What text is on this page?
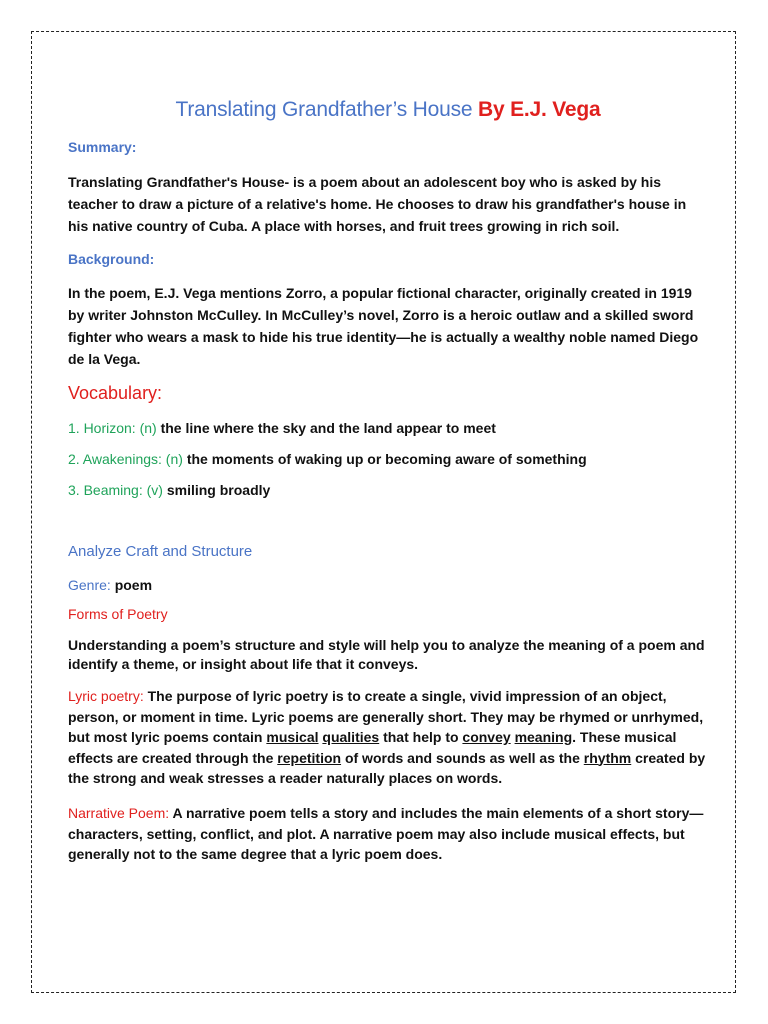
Translating Grandfather’s House By E.J. Vega
Summary:

Translating Grandfather's House- is a poem about an adolescent boy who is asked by his teacher to draw a picture of a relative's home. He chooses to draw his grandfather's house in his native country of Cuba. A place with horses, and fruit trees growing in rich soil.

Background:

In the poem, E.J. Vega mentions Zorro, a popular fictional character, originally created in 1919 by writer Johnston McCulley. In McCulley’s novel, Zorro is a heroic outlaw and a skilled sword fighter who wears a mask to hide his true identity—he is actually a wealthy noble named Diego de la Vega.

Vocabulary:
1. Horizon: (n) the line where the sky and the land appear to meet
2. Awakenings: (n) the moments of waking up or becoming aware of something
3. Beaming: (v) smiling broadly
Analyze Craft and Structure
Genre: poem
Forms of Poetry

Understanding a poem’s structure and style will help you to analyze the meaning of a poem and identify a theme, or insight about life that it conveys.

Lyric poetry: The purpose of lyric poetry is to create a single, vivid impression of an object, person, or moment in time. Lyric poems are generally short. They may be rhymed or unrhymed, but most lyric poems contain musical qualities that help to convey meaning. These musical effects are created through the repetition of words and sounds as well as the rhythm created by the strong and weak stresses a reader naturally places on words.

Narrative Poem: A narrative poem tells a story and includes the main elements of a short story—characters, setting, conflict, and plot. A narrative poem may also include musical effects, but generally not to the same degree that a lyric poem does.
